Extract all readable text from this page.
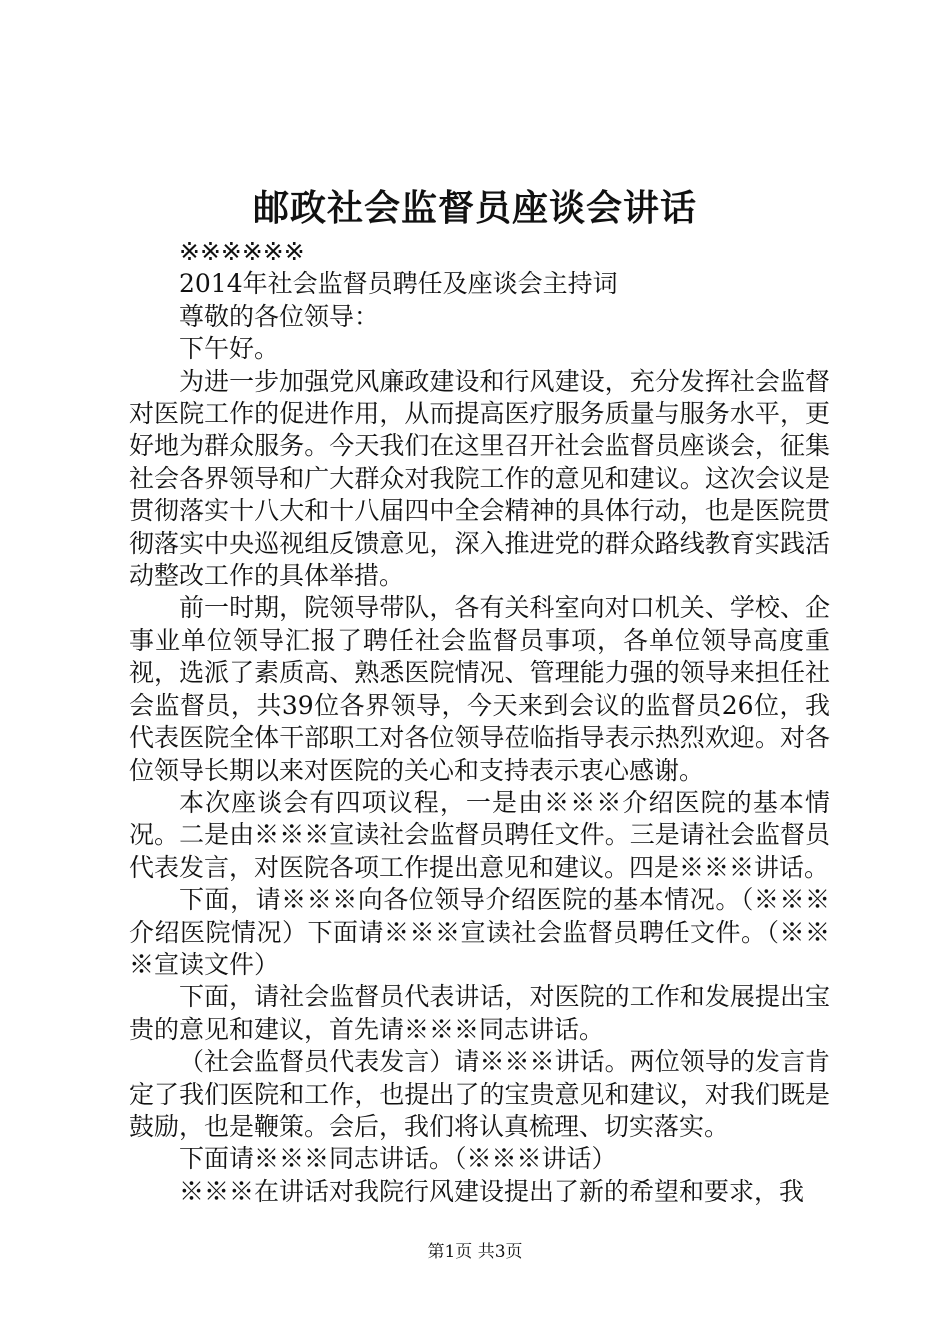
邮政社会监督员座谈会讲话

※※※※※※

2014年社会监督员聘任及座谈会主持词

尊敬的各位领导：

下午好。

为进一步加强党风廉政建设和行风建设，充分发挥社会监督对医院工作的促进作用，从而提高医疗服务质量与服务水平，更好地为群众服务。今天我们在这里召开社会监督员座谈会，征集社会各界领导和广大群众对我院工作的意见和建议。这次会议是贯彻落实十八大和十八届四中全会精神的具体行动，也是医院贯彻落实中央巡视组反馈意见，深入推进党的群众路线教育实践活动整改工作的具体举措。

前一时期，院领导带队，各有关科室向对口机关、学校、企事业单位领导汇报了聘任社会监督员事项，各单位领导高度重视，选派了素质高、熟悉医院情况、管理能力强的领导来担任社会监督员，共39位各界领导，今天来到会议的监督员26位，我代表医院全体干部职工对各位领导莅临指导表示热烈欢迎。对各位领导长期以来对医院的关心和支持表示衷心感谢。

本次座谈会有四项议程，一是由※※※介绍医院的基本情况。二是由※※※宣读社会监督员聘任文件。三是请社会监督员代表发言，对医院各项工作提出意见和建议。四是※※※讲话。

下面，请※※※向各位领导介绍医院的基本情况。（※※※介绍医院情况）下面请※※※宣读社会监督员聘任文件。（※※※宣读文件）

下面，请社会监督员代表讲话，对医院的工作和发展提出宝贵的意见和建议，首先请※※※同志讲话。

（社会监督员代表发言）请※※※讲话。两位领导的发言肯定了我们医院和工作，也提出了的宝贵意见和建议，对我们既是鼓励，也是鞭策。会后，我们将认真梳理、切实落实。

下面请※※※同志讲话。（※※※讲话）

※※※在讲话对我院行风建设提出了新的希望和要求，我

第1页 共3页
